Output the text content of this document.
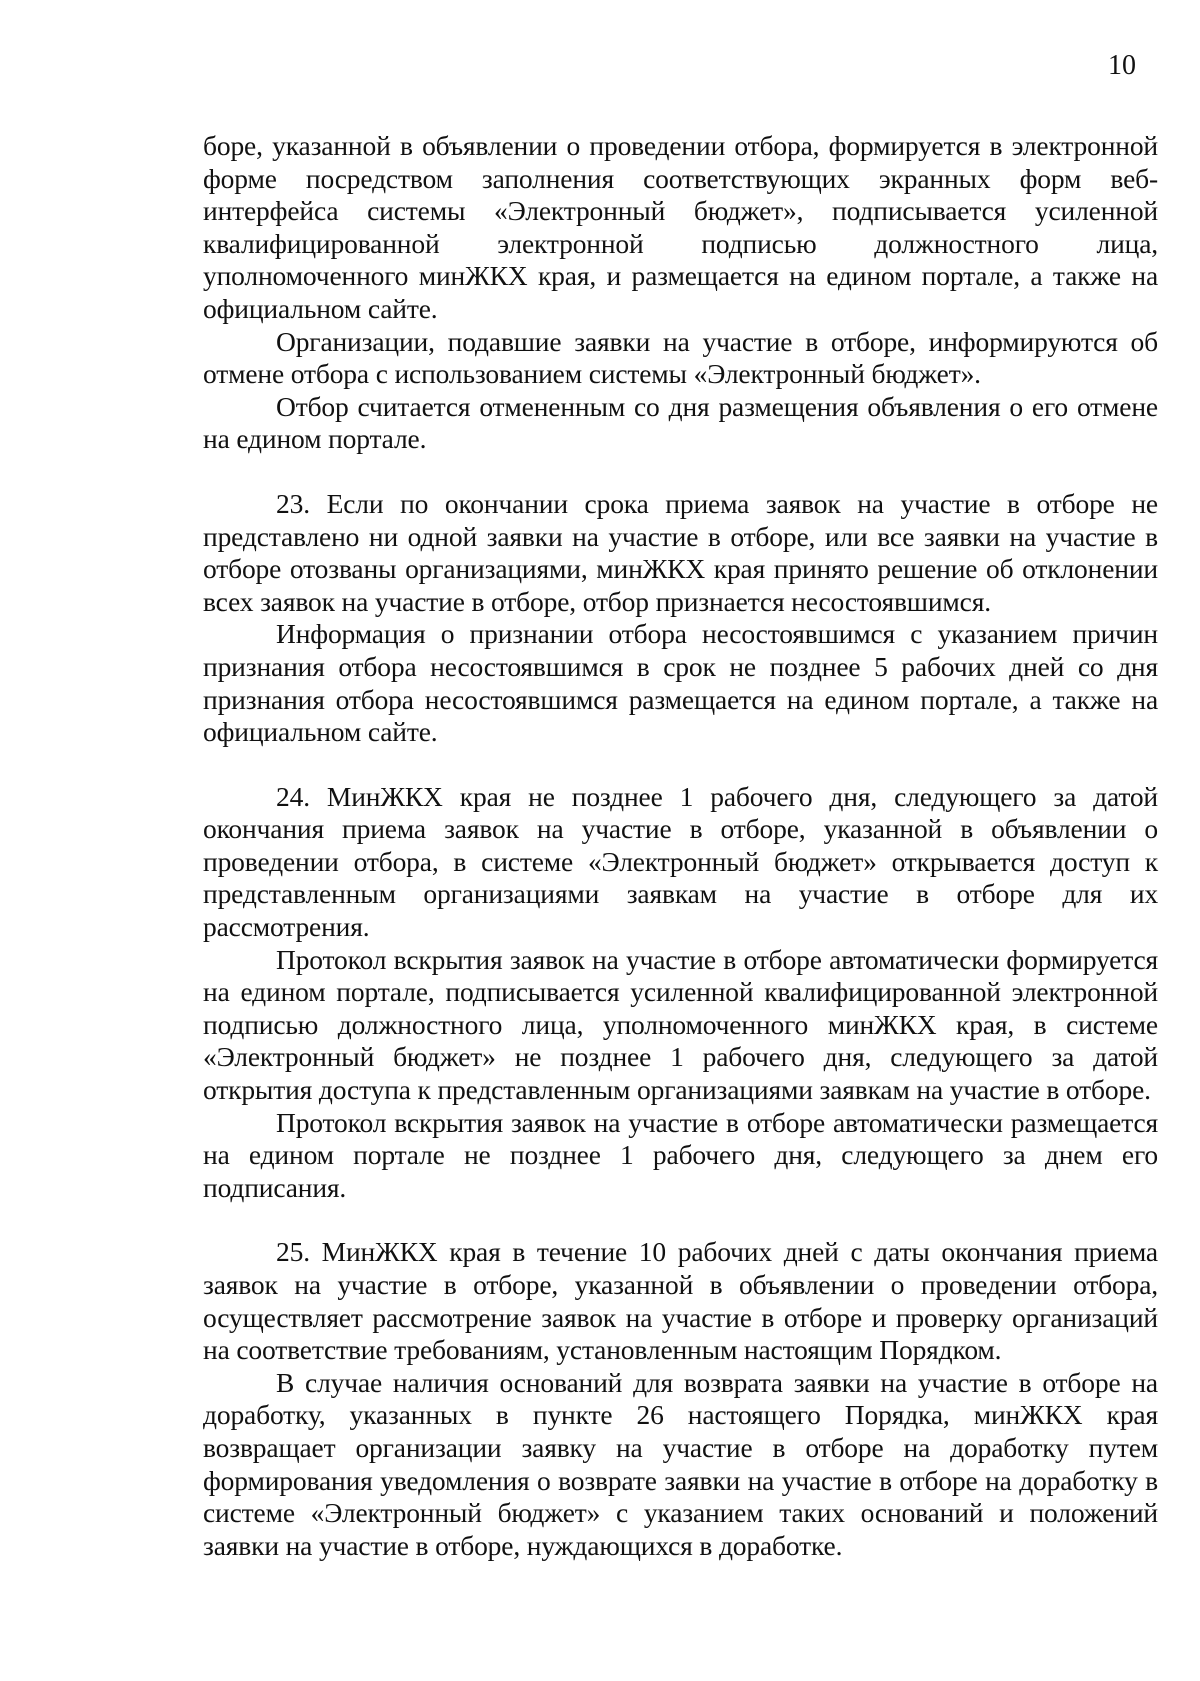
10

боре, указанной в объявлении о проведении отбора, формируется в электронной форме посредством заполнения соответствующих экранных форм веб-интерфейса системы «Электронный бюджет», подписывается усиленной квалифицированной электронной подписью должностного лица, уполномоченного минЖКХ края, и размещается на едином портале, а также на официальном сайте.

Организации, подавшие заявки на участие в отборе, информируются об отмене отбора с использованием системы «Электронный бюджет».

Отбор считается отмененным со дня размещения объявления о его отмене на едином портале.

23. Если по окончании срока приема заявок на участие в отборе не представлено ни одной заявки на участие в отборе, или все заявки на участие в отборе отозваны организациями, минЖКХ края принято решение об отклонении всех заявок на участие в отборе, отбор признается несостоявшимся.

Информация о признании отбора несостоявшимся с указанием причин признания отбора несостоявшимся в срок не позднее 5 рабочих дней со дня признания отбора несостоявшимся размещается на едином портале, а также на официальном сайте.

24. МинЖКХ края не позднее 1 рабочего дня, следующего за датой окончания приема заявок на участие в отборе, указанной в объявлении о проведении отбора, в системе «Электронный бюджет» открывается доступ к представленным организациями заявкам на участие в отборе для их рассмотрения.

Протокол вскрытия заявок на участие в отборе автоматически формируется на едином портале, подписывается усиленной квалифицированной электронной подписью должностного лица, уполномоченного минЖКХ края, в системе «Электронный бюджет» не позднее 1 рабочего дня, следующего за датой открытия доступа к представленным организациями заявкам на участие в отборе.

Протокол вскрытия заявок на участие в отборе автоматически размещается на едином портале не позднее 1 рабочего дня, следующего за днем его подписания.

25. МинЖКХ края в течение 10 рабочих дней с даты окончания приема заявок на участие в отборе, указанной в объявлении о проведении отбора, осуществляет рассмотрение заявок на участие в отборе и проверку организаций на соответствие требованиям, установленным настоящим Порядком.

В случае наличия оснований для возврата заявки на участие в отборе на доработку, указанных в пункте 26 настоящего Порядка, минЖКХ края возвращает организации заявку на участие в отборе на доработку путем формирования уведомления о возврате заявки на участие в отборе на доработку в системе «Электронный бюджет» с указанием таких оснований и положений заявки на участие в отборе, нуждающихся в доработке.
